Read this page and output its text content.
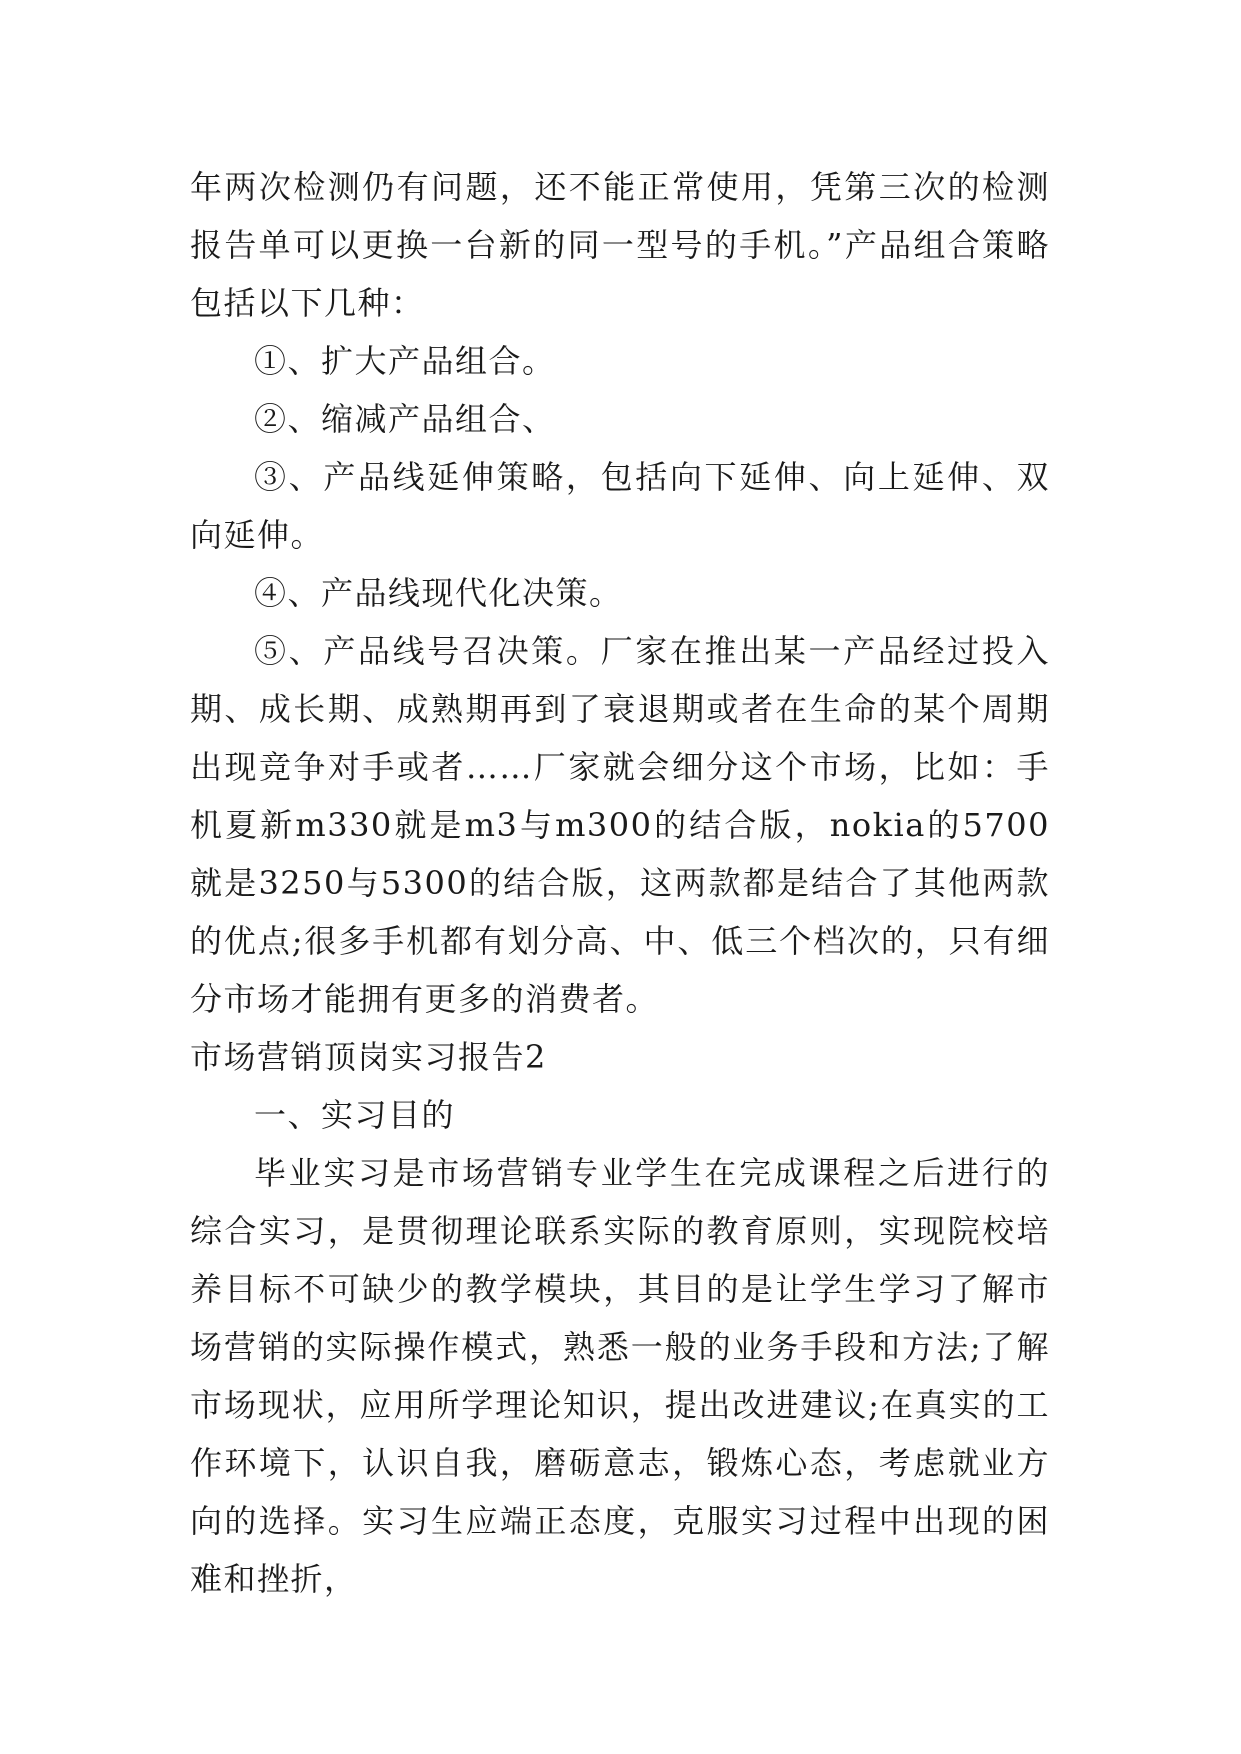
年两次检测仍有问题，还不能正常使用，凭第三次的检测报告单可以更换一台新的同一型号的手机。”产品组合策略包括以下几种：

①、扩大产品组合。

②、缩减产品组合、

③、产品线延伸策略，包括向下延伸、向上延伸、双向延伸。

④、产品线现代化决策。

⑤、产品线号召决策。厂家在推出某一产品经过投入期、成长期、成熟期再到了衰退期或者在生命的某个周期出现竞争对手或者……厂家就会细分这个市场，比如：手机夏新m330就是m3与m300的结合版，nokia的5700就是3250与5300的结合版，这两款都是结合了其他两款的优点;很多手机都有划分高、中、低三个档次的，只有细分市场才能拥有更多的消费者。

市场营销顶岗实习报告2

一、实习目的

毕业实习是市场营销专业学生在完成课程之后进行的综合实习，是贯彻理论联系实际的教育原则，实现院校培养目标不可缺少的教学模块，其目的是让学生学习了解市场营销的实际操作模式，熟悉一般的业务手段和方法;了解市场现状，应用所学理论知识，提出改进建议;在真实的工作环境下，认识自我，磨砺意志，锻炼心态，考虑就业方向的选择。实习生应端正态度，克服实习过程中出现的困难和挫折，
